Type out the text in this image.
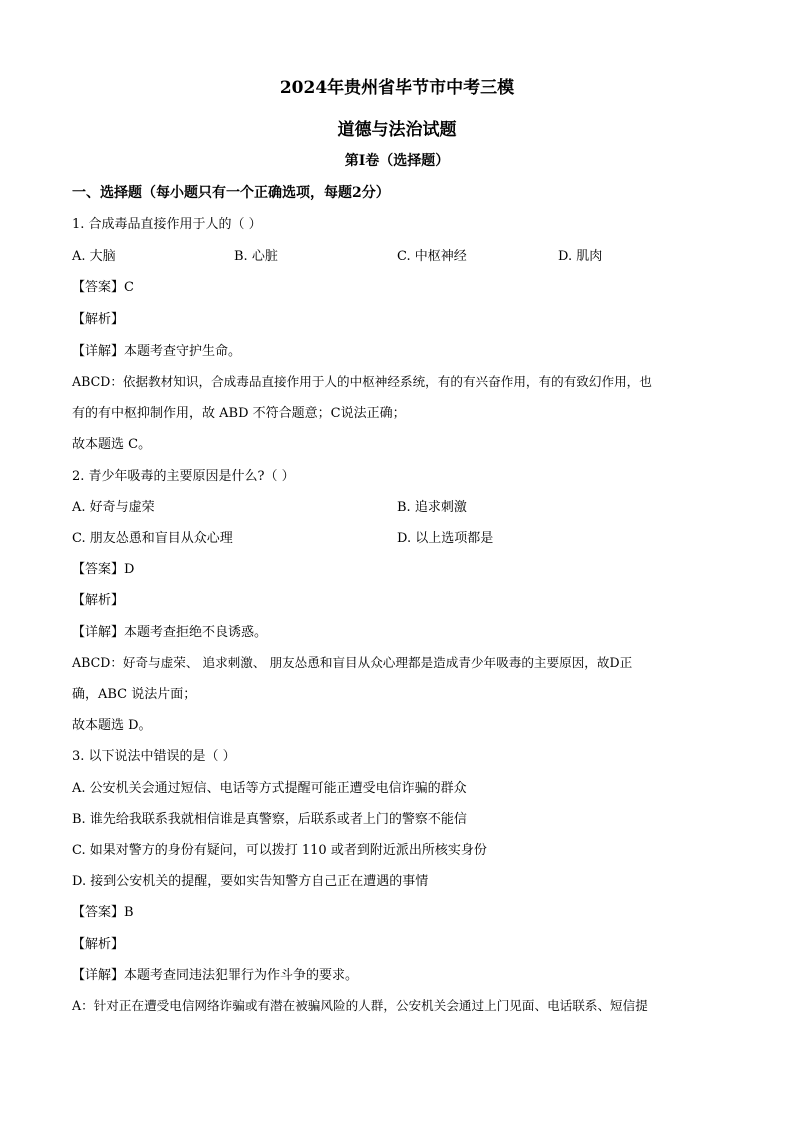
2024年贵州省毕节市中考三模
道德与法治试题
第I卷（选择题）
一、选择题（每小题只有一个正确选项，每题2分）
1. 合成毒品直接作用于人的（ ）
A. 大脑	B. 心脏	C. 中枢神经	D. 肌肉
【答案】C
【解析】
【详解】本题考查守护生命。
ABCD：依据教材知识，合成毒品直接作用于人的中枢神经系统，有的有兴奋作用，有的有致幻作用，也
有的有中枢抑制作用，故 ABD 不符合题意；C说法正确；
故本题选 C。
2. 青少年吸毒的主要原因是什么?（ ）
A. 好奇与虚荣	B. 追求刺激
C. 朋友怂恿和盲目从众心理	D. 以上选项都是
【答案】D
【解析】
【详解】本题考查拒绝不良诱惑。
ABCD：好奇与虚荣、 追求刺激、 朋友怂恿和盲目从众心理都是造成青少年吸毒的主要原因，故D正
确，ABC 说法片面；
故本题选 D。
3. 以下说法中错误的是（ ）
A. 公安机关会通过短信、电话等方式提醒可能正遭受电信诈骗的群众
B. 谁先给我联系我就相信谁是真警察，后联系或者上门的警察不能信
C. 如果对警方的身份有疑问，可以拨打 110 或者到附近派出所核实身份
D. 接到公安机关的提醒，要如实告知警方自己正在遭遇的事情
【答案】B
【解析】
【详解】本题考查同违法犯罪行为作斗争的要求。
A：针对正在遭受电信网络诈骗或有潜在被骗风险的人群，公安机关会通过上门见面、电话联系、短信提
